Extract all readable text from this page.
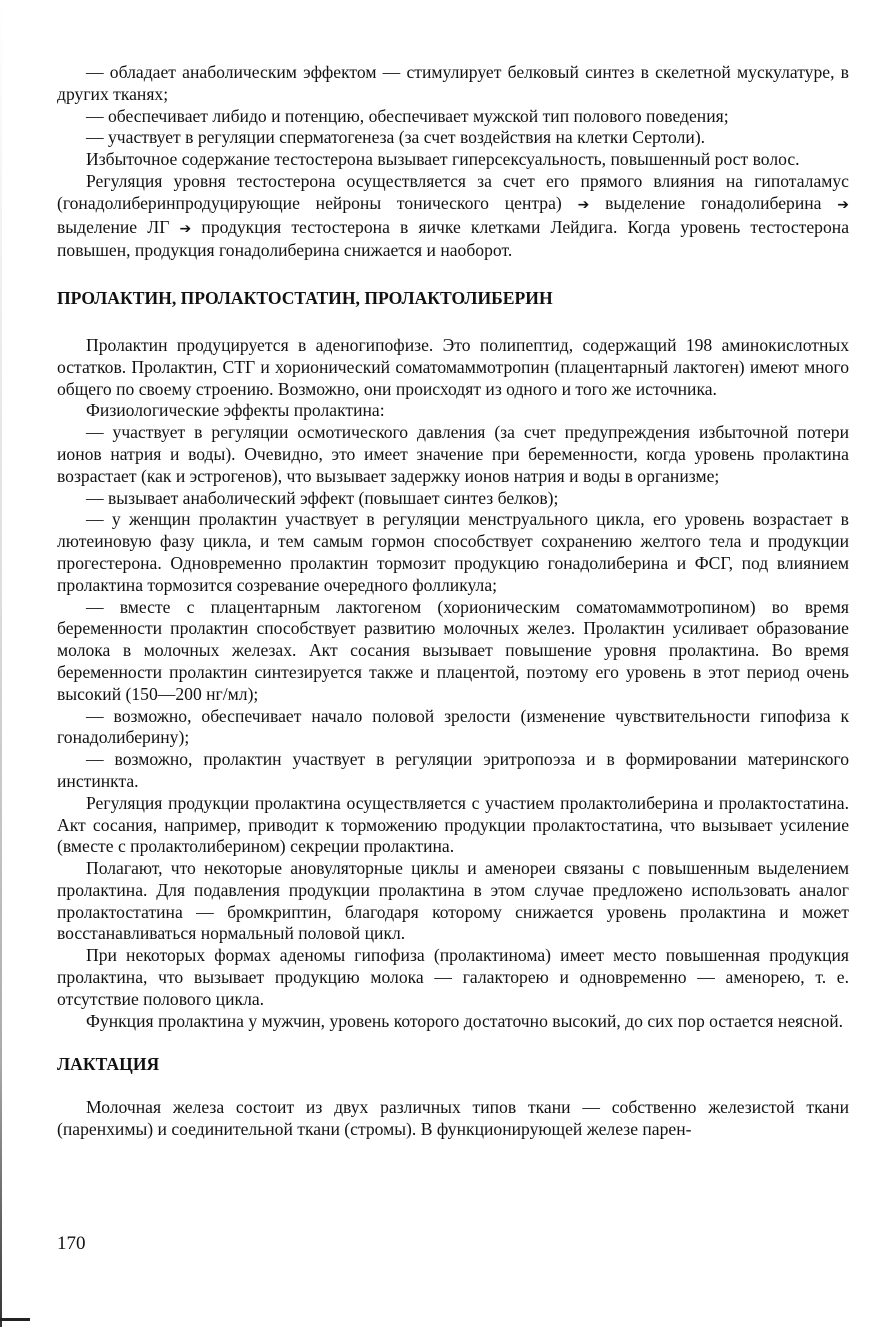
— обладает анаболическим эффектом — стимулирует белковый синтез в скелетной мускулатуре, в других тканях;

— обеспечивает либидо и потенцию, обеспечивает мужской тип полового поведения;

— участвует в регуляции сперматогенеза (за счет воздействия на клетки Сертоли).

Избыточное содержание тестостерона вызывает гиперсексуальность, повышенный рост волос.

Регуляция уровня тестостерона осуществляется за счет его прямого влияния на гипоталамус (гонадолиберинпродуцирующие нейроны тонического центра) ➔ выделение гонадолиберина ➔ выделение ЛГ ➔ продукция тестостерона в яичке клетками Лейдига. Когда уровень тестостерона повышен, продукция гонадолиберина снижается и наоборот.

ПРОЛАКТИН, ПРОЛАКТОСТАТИН, ПРОЛАКТОЛИБЕРИН

Пролактин продуцируется в аденогипофизе. Это полипептид, содержащий 198 аминокислотных остатков. Пролактин, СТГ и хорионический соматомаммотропин (плацентарный лактоген) имеют много общего по своему строению. Возможно, они происходят из одного и того же источника.

Физиологические эффекты пролактина:

— участвует в регуляции осмотического давления (за счет предупреждения избыточной потери ионов натрия и воды). Очевидно, это имеет значение при беременности, когда уровень пролактина возрастает (как и эстрогенов), что вызывает задержку ионов натрия и воды в организме;

— вызывает анаболический эффект (повышает синтез белков);

— у женщин пролактин участвует в регуляции менструального цикла, его уровень возрастает в лютеиновую фазу цикла, и тем самым гормон способствует сохранению желтого тела и продукции прогестерона. Одновременно пролактин тормозит продукцию гонадолиберина и ФСГ, под влиянием пролактина тормозится созревание очередного фолликула;

— вместе с плацентарным лактогеном (хорионическим соматомаммотропином) во время беременности пролактин способствует развитию молочных желез. Пролактин усиливает образование молока в молочных железах. Акт сосания вызывает повышение уровня пролактина. Во время беременности пролактин синтезируется также и плацентой, поэтому его уровень в этот период очень высокий (150—200 нг/мл);

— возможно, обеспечивает начало половой зрелости (изменение чувствительности гипофиза к гонадолиберину);

— возможно, пролактин участвует в регуляции эритропоэза и в формировании материнского инстинкта.

Регуляция продукции пролактина осуществляется с участием пролактолиберина и пролактостатина. Акт сосания, например, приводит к торможению продукции пролактостатина, что вызывает усиление (вместе с пролактолиберином) секреции пролактина.

Полагают, что некоторые ановуляторные циклы и аменореи связаны с повышенным выделением пролактина. Для подавления продукции пролактина в этом случае предложено использовать аналог пролактостатина — бромкриптин, благодаря которому снижается уровень пролактина и может восстанавливаться нормальный половой цикл.

При некоторых формах аденомы гипофиза (пролактинома) имеет место повышенная продукция пролактина, что вызывает продукцию молока — галакторею и одновременно — аменорею, т. е. отсутствие полового цикла.

Функция пролактина у мужчин, уровень которого достаточно высокий, до сих пор остается неясной.

ЛАКТАЦИЯ

Молочная железа состоит из двух различных типов ткани — собственно железистой ткани (паренхимы) и соединительной ткани (стромы). В функционирующей железе парен-

170
